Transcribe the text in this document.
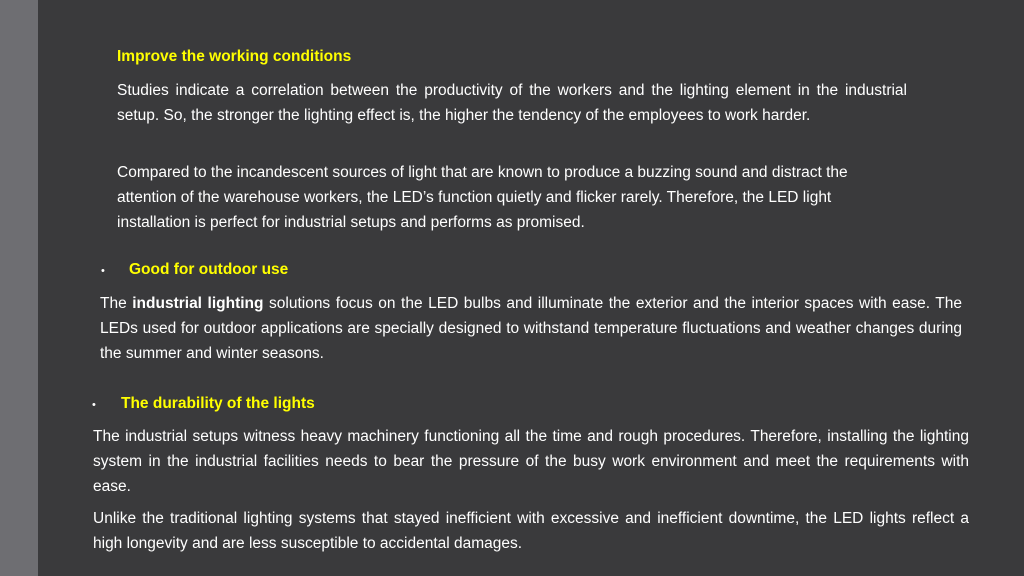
Improve the working conditions

Studies indicate a correlation between the productivity of the workers and the lighting element in the industrial setup. So, the stronger the lighting effect is, the higher the tendency of the employees to work harder.

Compared to the incandescent sources of light that are known to produce a buzzing sound and distract the attention of the warehouse workers, the LED’s function quietly and flicker rarely. Therefore, the LED light installation is perfect for industrial setups and performs as promised.

• Good for outdoor use

The industrial lighting solutions focus on the LED bulbs and illuminate the exterior and the interior spaces with ease. The LEDs used for outdoor applications are specially designed to withstand temperature fluctuations and weather changes during the summer and winter seasons.

• The durability of the lights

The industrial setups witness heavy machinery functioning all the time and rough procedures. Therefore, installing the lighting system in the industrial facilities needs to bear the pressure of the busy work environment and meet the requirements with ease.

Unlike the traditional lighting systems that stayed inefficient with excessive and inefficient downtime, the LED lights reflect a high longevity and are less susceptible to accidental damages.
